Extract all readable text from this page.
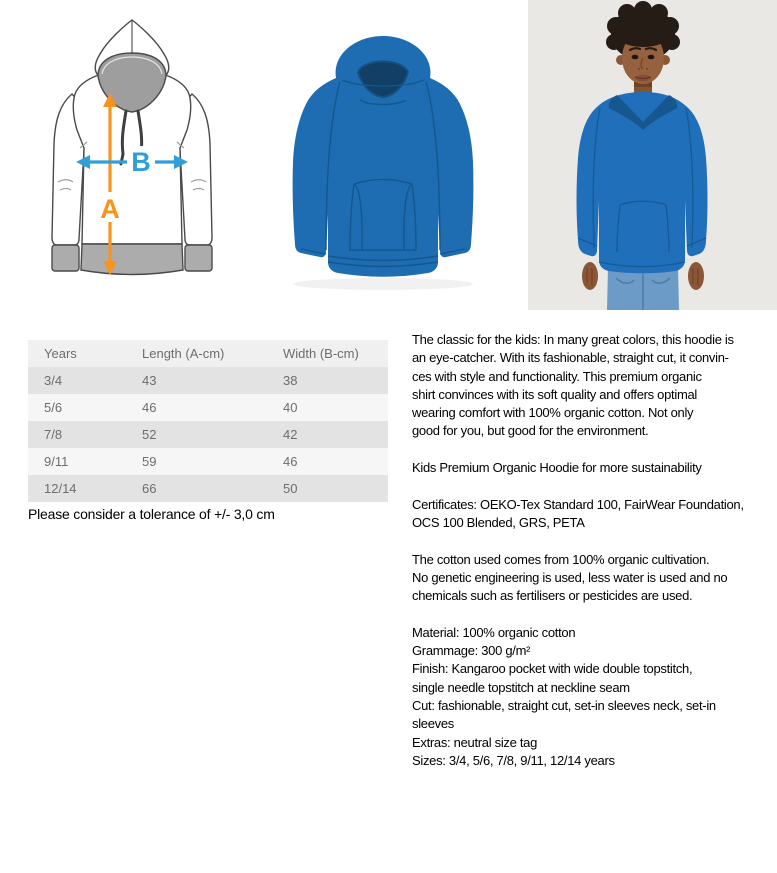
B
A
Years	Length (A-cm)	Width (B-cm)
3/4	43	38
5/6	46	40
7/8	52	42
9/11	59	46
12/14	66	50
Please consider a tolerance of +/- 3,0 cm
The classic for the kids: In many great colors, this hoodie is
an eye-catcher. With its fashionable, straight cut, it convin-
ces with style and functionality. This premium organic
shirt convinces with its soft quality and offers optimal
wearing comfort with 100% organic cotton. Not only
good for you, but good for the environment.
Kids Premium Organic Hoodie for more sustainability
Certificates: OEKO-Tex Standard 100, FairWear Foundation,
OCS 100 Blended, GRS, PETA
The cotton used comes from 100% organic cultivation.
No genetic engineering is used, less water is used and no
chemicals such as fertilisers or pesticides are used.
Material: 100% organic cotton
Grammage: 300 g/m²
Finish: Kangaroo pocket with wide double topstitch,
single needle topstitch at neckline seam
Cut: fashionable, straight cut, set-in sleeves neck, set-in
sleeves
Extras: neutral size tag
Sizes: 3/4, 5/6, 7/8, 9/11, 12/14 years
